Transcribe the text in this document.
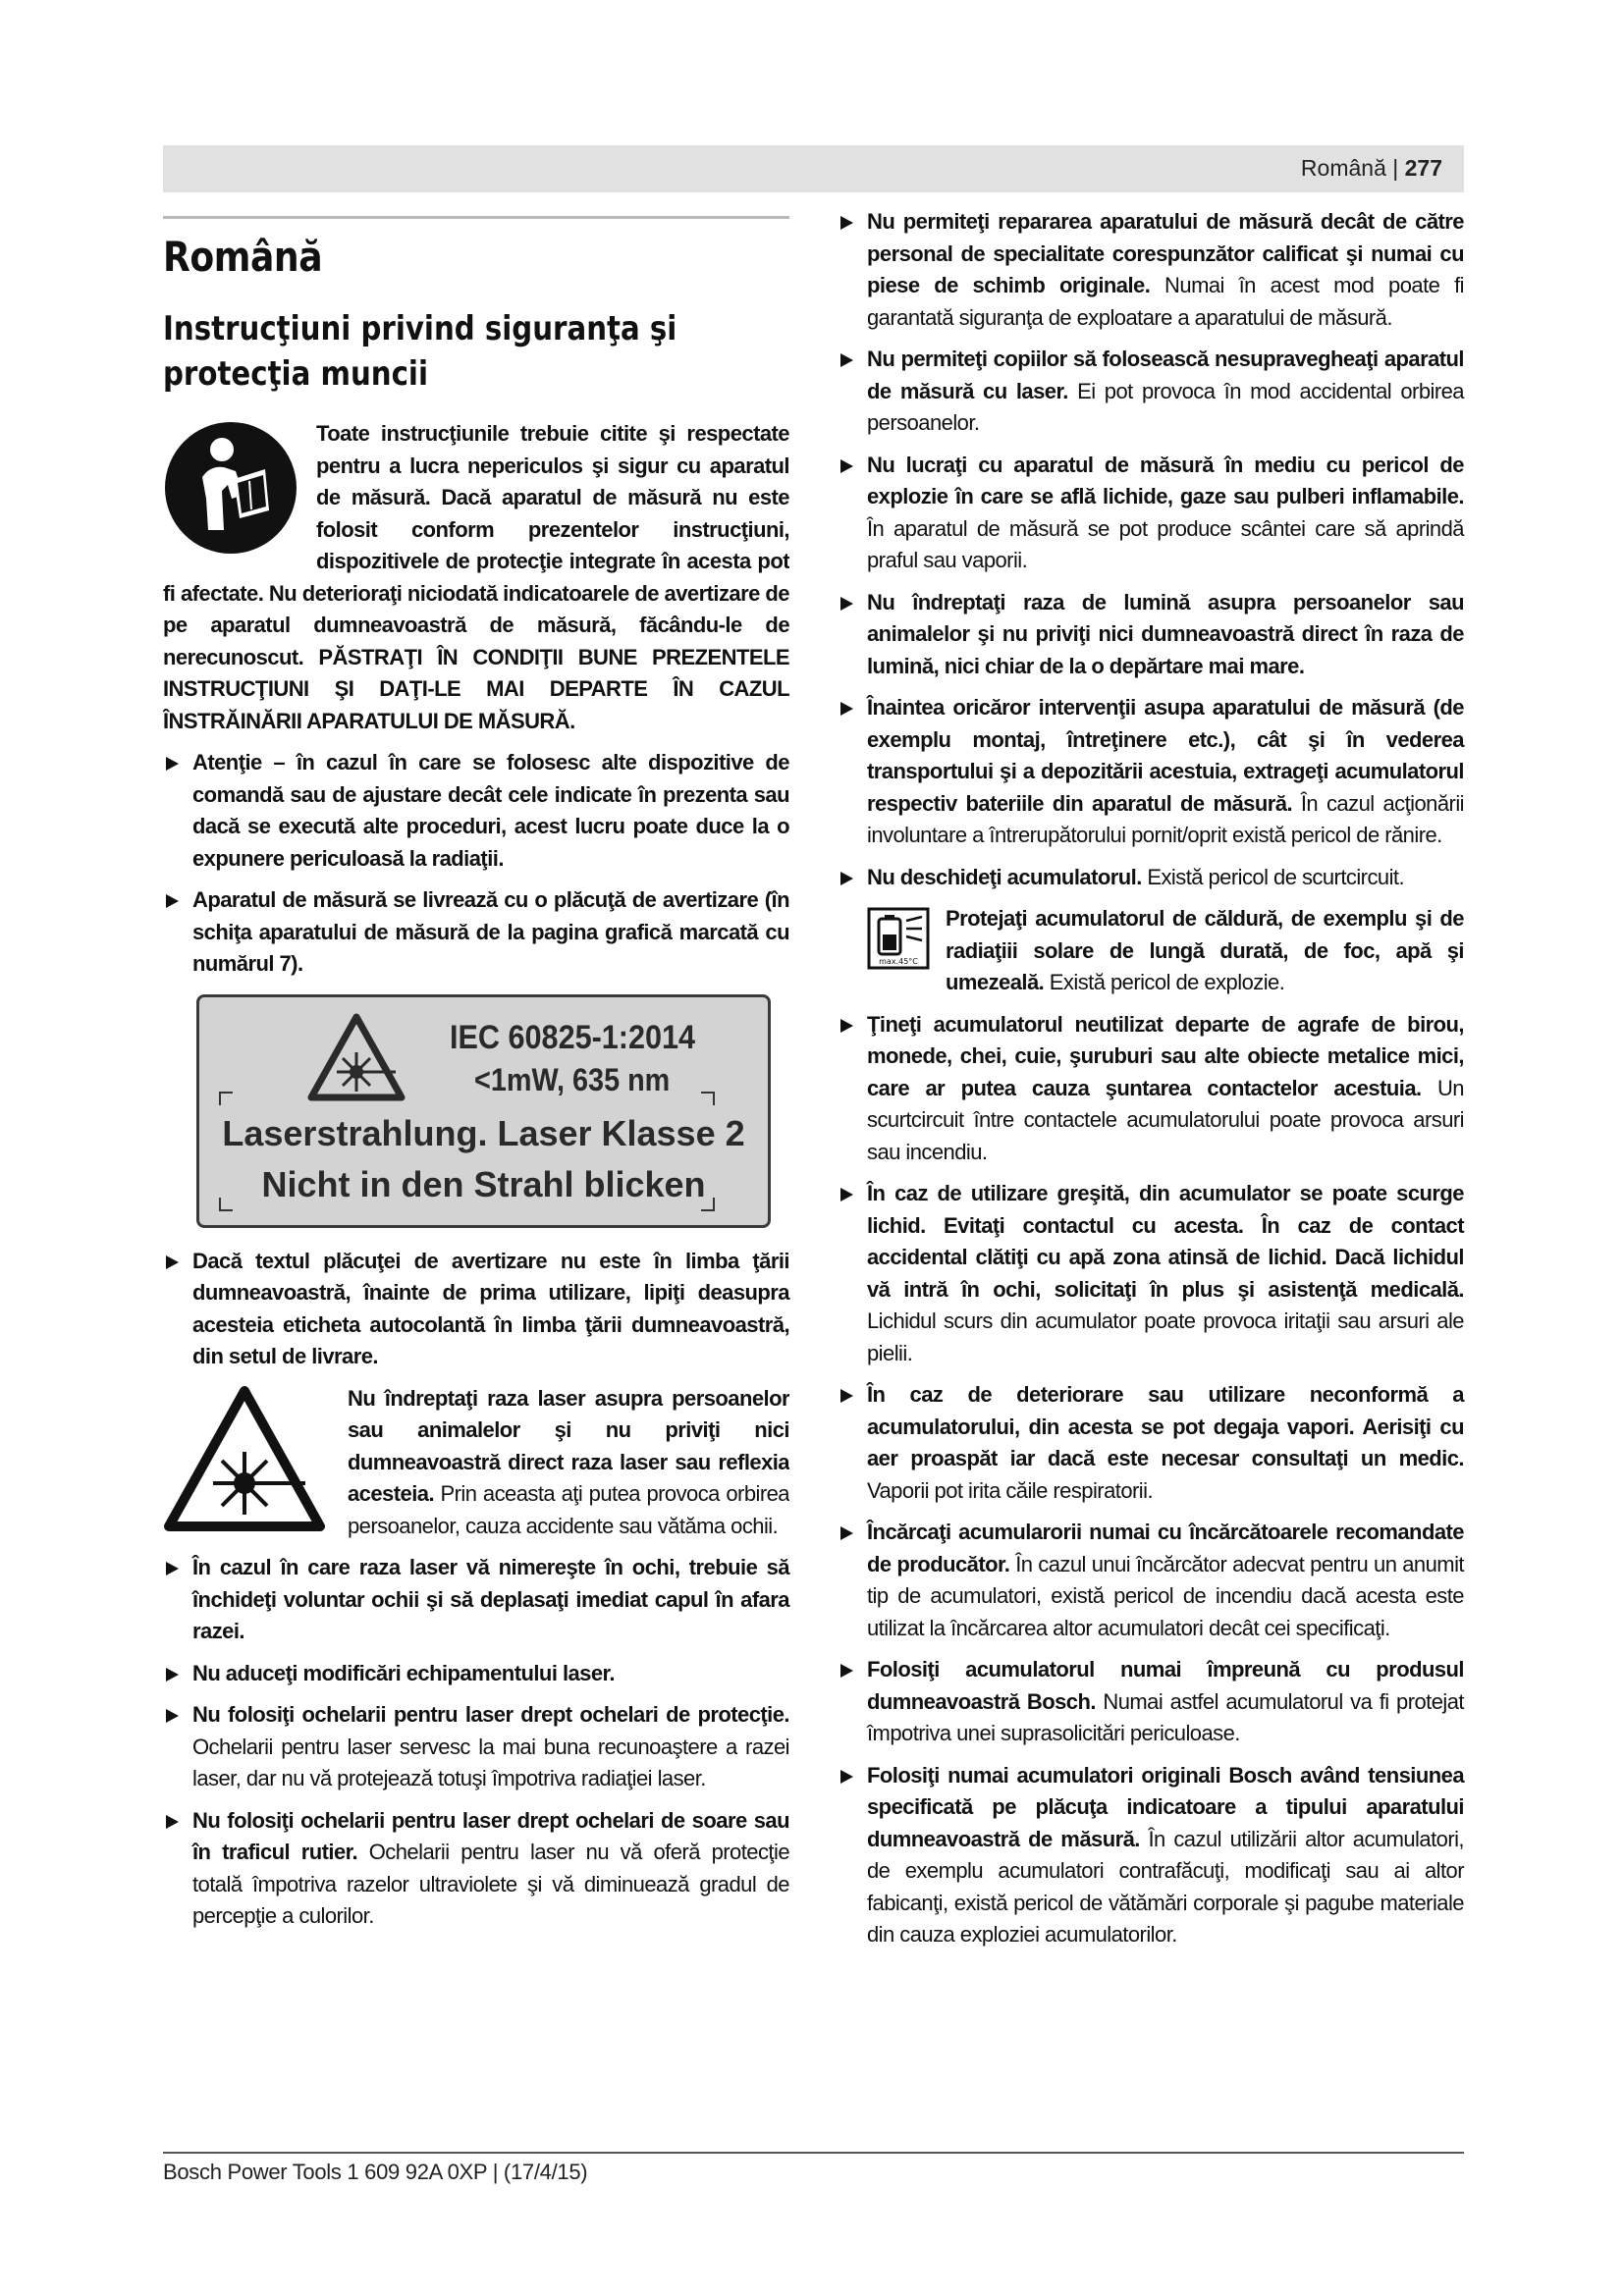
Română | 277
Română
Instrucţiuni privind siguranţa şi protecţia muncii

Toate instrucţiunile trebuie citite şi respectate pentru a lucra nepericulos şi sigur cu aparatul de măsură. Dacă aparatul de măsură nu este folosit conform prezentelor instrucţiuni, dispozitivele de protecţie integrate în acesta pot fi afectate. Nu deterioraţi niciodată indicatoarele de avertizare de pe aparatul dumneavoastră de măsură, făcându-le de nerecunoscut. PĂSTRAŢI ÎN CONDIŢII BUNE PREZENTELE INSTRUCŢIUNI ŞI DAŢI-LE MAI DEPARTE ÎN CAZUL ÎNSTRĂINĂRII APARATULUI DE MĂSURĂ.

Atenţie – în cazul în care se folosesc alte dispozitive de comandă sau de ajustare decât cele indicate în prezenta sau dacă se execută alte proceduri, acest lucru poate duce la o expunere periculoasă la radiaţii.
Aparatul de măsură se livrează cu o plăcuţă de avertizare (în schiţa aparatului de măsură de la pagina grafică marcată cu numărul 7).
IEC 60825-1:2014
<1mW, 635 nm
Laserstrahlung. Laser Klasse 2
Nicht in den Strahl blicken
Dacă textul plăcuţei de avertizare nu este în limba ţării dumneavoastră, înainte de prima utilizare, lipiţi deasupra acesteia eticheta autocolantă în limba ţării dumneavoastră, din setul de livrare.

Nu îndreptaţi raza laser asupra persoanelor sau animalelor şi nu priviţi nici dumneavoastră direct raza laser sau reflexia acesteia. Prin aceasta aţi putea provoca orbirea persoanelor, cauza accidente sau vătăma ochii.

În cazul în care raza laser vă nimereşte în ochi, trebuie să închideţi voluntar ochii şi să deplasaţi imediat capul în afara razei.
Nu aduceţi modificări echipamentului laser.
Nu folosiţi ochelarii pentru laser drept ochelari de protecţie. Ochelarii pentru laser servesc la mai buna recunoaştere a razei laser, dar nu vă protejează totuşi împotriva radiaţiei laser.
Nu folosiţi ochelarii pentru laser drept ochelari de soare sau în traficul rutier. Ochelarii pentru laser nu vă oferă protecţie totală împotriva razelor ultraviolete şi vă diminuează gradul de percepţie a culorilor.
Nu permiteţi repararea aparatului de măsură decât de către personal de specialitate corespunzător calificat şi numai cu piese de schimb originale. Numai în acest mod poate fi garantată siguranţa de exploatare a aparatului de măsură.
Nu permiteţi copiilor să folosească nesupravegheaţi aparatul de măsură cu laser. Ei pot provoca în mod accidental orbirea persoanelor.
Nu lucraţi cu aparatul de măsură în mediu cu pericol de explozie în care se află lichide, gaze sau pulberi inflamabile. În aparatul de măsură se pot produce scântei care să aprindă praful sau vaporii.
Nu îndreptaţi raza de lumină asupra persoanelor sau animalelor şi nu priviţi nici dumneavoastră direct în raza de lumină, nici chiar de la o depărtare mai mare.
Înaintea oricăror intervenţii asupa aparatului de măsură (de exemplu montaj, întreţinere etc.), cât şi în vederea transportului şi a depozitării acestuia, extrageţi acumulatorul respectiv bateriile din aparatul de măsură. În cazul acţionării involuntare a întrerupătorului pornit/oprit există pericol de rănire.
Nu deschideţi acumulatorul. Există pericol de scurtcircuit.
max.45°C

Protejaţi acumulatorul de căldură, de exemplu şi de radiaţiii solare de lungă durată, de foc, apă şi umezeală. Există pericol de explozie.

Ţineţi acumulatorul neutilizat departe de agrafe de birou, monede, chei, cuie, şuruburi sau alte obiecte metalice mici, care ar putea cauza şuntarea contactelor acestuia. Un scurtcircuit între contactele acumulatorului poate provoca arsuri sau incendiu.
În caz de utilizare greşită, din acumulator se poate scurge lichid. Evitaţi contactul cu acesta. În caz de contact accidental clătiţi cu apă zona atinsă de lichid. Dacă lichidul vă intră în ochi, solicitaţi în plus şi asistenţă medicală. Lichidul scurs din acumulator poate provoca iritaţii sau arsuri ale pielii.
În caz de deteriorare sau utilizare neconformă a acumulatorului, din acesta se pot degaja vapori. Aerisiţi cu aer proaspăt iar dacă este necesar consultaţi un medic. Vaporii pot irita căile respiratorii.
Încărcaţi acumularorii numai cu încărcătoarele recomandate de producător. În cazul unui încărcător adecvat pentru un anumit tip de acumulatori, există pericol de incendiu dacă acesta este utilizat la încărcarea altor acumulatori decât cei specificaţi.
Folosiţi acumulatorul numai împreună cu produsul dumneavoastră Bosch. Numai astfel acumulatorul va fi protejat împotriva unei suprasolicitări periculoase.
Folosiţi numai acumulatori originali Bosch având tensiunea specificată pe plăcuţa indicatoare a tipului aparatului dumneavoastră de măsură. În cazul utilizării altor acumulatori, de exemplu acumulatori contrafăcuţi, modificaţi sau ai altor fabicanţi, există pericol de vătămări corporale şi pagube materiale din cauza exploziei acumulatorilor.
Bosch Power Tools 1 609 92A 0XP | (17/4/15)
